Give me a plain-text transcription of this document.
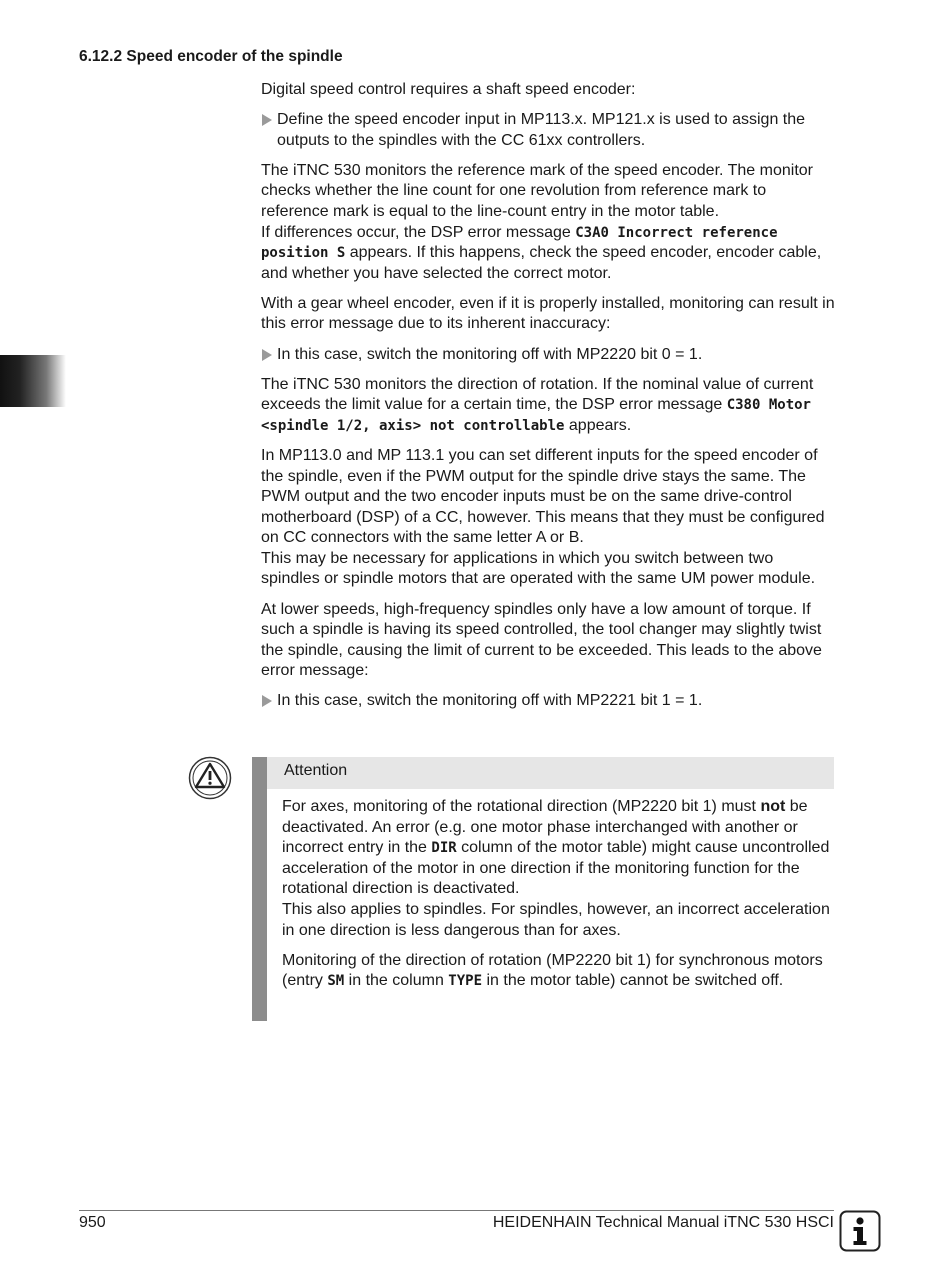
6.12.2 Speed encoder of the spindle

Digital speed control requires a shaft speed encoder:

Define the speed encoder input in MP113.x. MP121.x is used to assign the outputs to the spindles with the CC 61xx controllers.

The iTNC 530 monitors the reference mark of the speed encoder. The monitor checks whether the line count for one revolution from reference mark to reference mark is equal to the line-count entry in the motor table.
If differences occur, the DSP error message C3A0 Incorrect reference position S appears. If this happens, check the speed encoder, encoder cable, and whether you have selected the correct motor.

With a gear wheel encoder, even if it is properly installed, monitoring can result in this error message due to its inherent inaccuracy:

In this case, switch the monitoring off with MP2220 bit 0 = 1.

The iTNC 530 monitors the direction of rotation. If the nominal value of current exceeds the limit value for a certain time, the DSP error message C380 Motor <spindle 1/2, axis> not controllable appears.

In MP113.0 and MP 113.1 you can set different inputs for the speed encoder of the spindle, even if the PWM output for the spindle drive stays the same. The PWM output and the two encoder inputs must be on the same drive-control motherboard (DSP) of a CC, however. This means that they must be configured on CC connectors with the same letter A or B.
This may be necessary for applications in which you switch between two spindles or spindle motors that are operated with the same UM power module.

At lower speeds, high-frequency spindles only have a low amount of torque. If such a spindle is having its speed controlled, the tool changer may slightly twist the spindle, causing the limit of current to be exceeded. This leads to the above error message:

In this case, switch the monitoring off with MP2221 bit 1 = 1.
Attention

For axes, monitoring of the rotational direction (MP2220 bit 1) must not be deactivated. An error (e.g. one motor phase interchanged with another or incorrect entry in the DIR column of the motor table) might cause uncontrolled acceleration of the motor in one direction if the monitoring function for the rotational direction is deactivated.
This also applies to spindles. For spindles, however, an incorrect acceleration in one direction is less dangerous than for axes.

Monitoring of the direction of rotation (MP2220 bit 1) for synchronous motors (entry SM in the column TYPE in the motor table) cannot be switched off.

950	HEIDENHAIN Technical Manual iTNC 530 HSCI
